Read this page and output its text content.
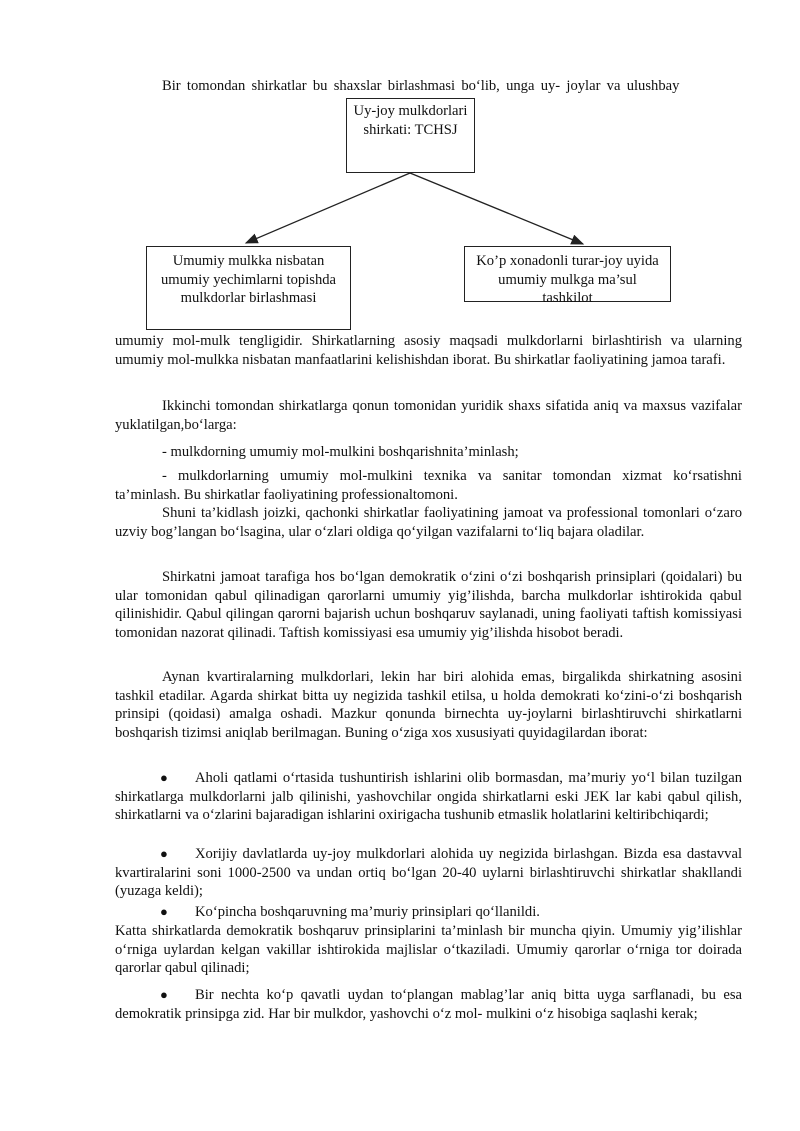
Bir tomondan shirkatlar bu shaxslar birlashmasi bo‘lib, unga uy- joylar va ulushbay

Uy-joy mulkdorlari shirkati: TCHSJ
Umumiy mulkka nisbatan umumiy yechimlarni topishda mulkdorlar birlashmasi
Ko’p xonadonli turar-joy uyida umumiy mulkga ma’sul tashkilot

umumiy mol-mulk tengligidir. Shirkatlarning asosiy maqsadi mulkdorlarni birlashtirish va ularning umumiy mol-mulkka nisbatan manfaatlarini kelishishdan iborat. Bu shirkatlar faoliyatining jamoa tarafi.

Ikkinchi tomondan shirkatlarga qonun tomonidan yuridik shaxs sifatida aniq va maxsus vazifalar yuklatilgan,bo‘larga:

- mulkdorning umumiy mol-mulkini boshqarishnita’minlash;

- mulkdorlarning umumiy mol-mulkini texnika va sanitar tomondan xizmat ko‘rsatishni ta’minlash. Bu shirkatlar faoliyatining professionaltomoni.

Shuni ta’kidlash joizki, qachonki shirkatlar faoliyatining jamoat va professional tomonlari o‘zaro uzviy bog’langan bo‘lsagina, ular o‘zlari oldiga qo‘yilgan vazifalarni to‘liq bajara oladilar.

Shirkatni jamoat tarafiga hos bo‘lgan demokratik o‘zini o‘zi boshqarish prinsiplari (qoidalari) bu ular tomonidan qabul qilinadigan qarorlarni umumiy yig’ilishda, barcha mulkdorlar ishtirokida qabul qilinishidir. Qabul qilingan qarorni bajarish uchun boshqaruv saylanadi, uning faoliyati taftish komissiyasi tomonidan nazorat qilinadi. Taftish komissiyasi esa umumiy yig’ilishda hisobot beradi.

Aynan kvartiralarning mulkdorlari, lekin har biri alohida emas, birgalikda shirkatning asosini tashkil etadilar. Agarda shirkat bitta uy negizida tashkil etilsa, u holda demokrati ko‘zini-o‘zi boshqarish prinsipi (qoidasi) amalga oshadi. Mazkur qonunda birnechta uy-joylarni birlashtiruvchi shirkatlarni boshqarish tizimsi aniqlab berilmagan. Buning o‘ziga xos xususiyati quyidagilardan iborat:

●	Aholi qatlami o‘rtasida tushuntirish ishlarini olib bormasdan, ma’muriy yo‘l bilan tuzilgan shirkatlarga mulkdorlarni jalb qilinishi, yashovchilar ongida shirkatlarni eski JEK lar kabi qabul qilish, shirkatlarni va o‘zlarini bajaradigan ishlarini oxirigacha tushunib etmaslik holatlarini keltiribchiqardi;

●	Xorijiy davlatlarda uy-joy mulkdorlari alohida uy negizida birlashgan. Bizda esa dastavval kvartiralarini soni 1000-2500 va undan ortiq bo‘lgan 20-40 uylarni birlashtiruvchi shirkatlar shakllandi (yuzaga keldi);

●	Ko‘pincha boshqaruvning ma’muriy prinsiplari qo‘llanildi.

Katta shirkatlarda demokratik boshqaruv prinsiplarini ta’minlash bir muncha qiyin. Umumiy yig’ilishlar o‘rniga uylardan kelgan vakillar ishtirokida majlislar o‘tkaziladi. Umumiy qarorlar o‘rniga tor doirada qarorlar qabul qilinadi;

●	Bir nechta ko‘p qavatli uydan to‘plangan mablag’lar aniq bitta uyga sarflanadi, bu esa demokratik prinsipga zid. Har bir mulkdor, yashovchi o‘z mol- mulkini o‘z hisobiga saqlashi kerak;
